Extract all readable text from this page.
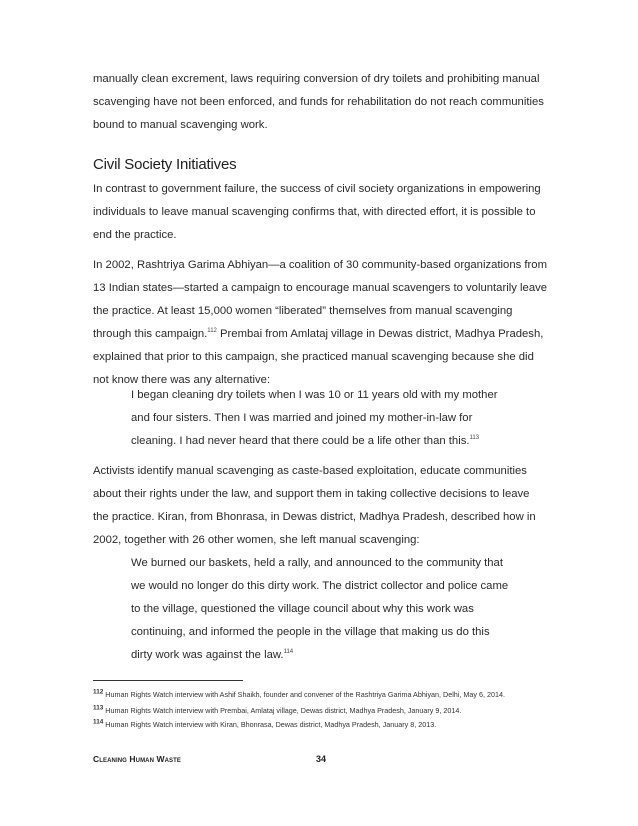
manually clean excrement, laws requiring conversion of dry toilets and prohibiting manual
scavenging have not been enforced, and funds for rehabilitation do not reach communities
bound to manual scavenging work.

Civil Society Initiatives

In contrast to government failure, the success of civil society organizations in empowering
individuals to leave manual scavenging confirms that, with directed effort, it is possible to
end the practice.

In 2002, Rashtriya Garima Abhiyan—a coalition of 30 community-based organizations from
13 Indian states—started a campaign to encourage manual scavengers to voluntarily leave
the practice. At least 15,000 women “liberated” themselves from manual scavenging
through this campaign.$^{112}$ Prembai from Amlataj village in Dewas district, Madhya Pradesh,
explained that prior to this campaign, she practiced manual scavenging because she did
not know there was any alternative:

I began cleaning dry toilets when I was 10 or 11 years old with my mother
and four sisters. Then I was married and joined my mother-in-law for
cleaning. I had never heard that there could be a life other than this.$^{113}$

Activists identify manual scavenging as caste-based exploitation, educate communities
about their rights under the law, and support them in taking collective decisions to leave
the practice. Kiran, from Bhonrasa, in Dewas district, Madhya Pradesh, described how in
2002, together with 26 other women, she left manual scavenging:

We burned our baskets, held a rally, and announced to the community that
we would no longer do this dirty work. The district collector and police came
to the village, questioned the village council about why this work was
continuing, and informed the people in the village that making us do this
dirty work was against the law.$^{114}$
112 Human Rights Watch interview with Ashif Shaikh, founder and convener of the Rashtriya Garima Abhiyan, Delhi, May 6, 2014.
113 Human Rights Watch interview with Prembai, Amlataj village, Dewas district, Madhya Pradesh, January 9, 2014.
114 Human Rights Watch interview with Kiran, Bhonrasa, Dewas district, Madhya Pradesh, January 8, 2013.
Cleaning Human Waste	34
